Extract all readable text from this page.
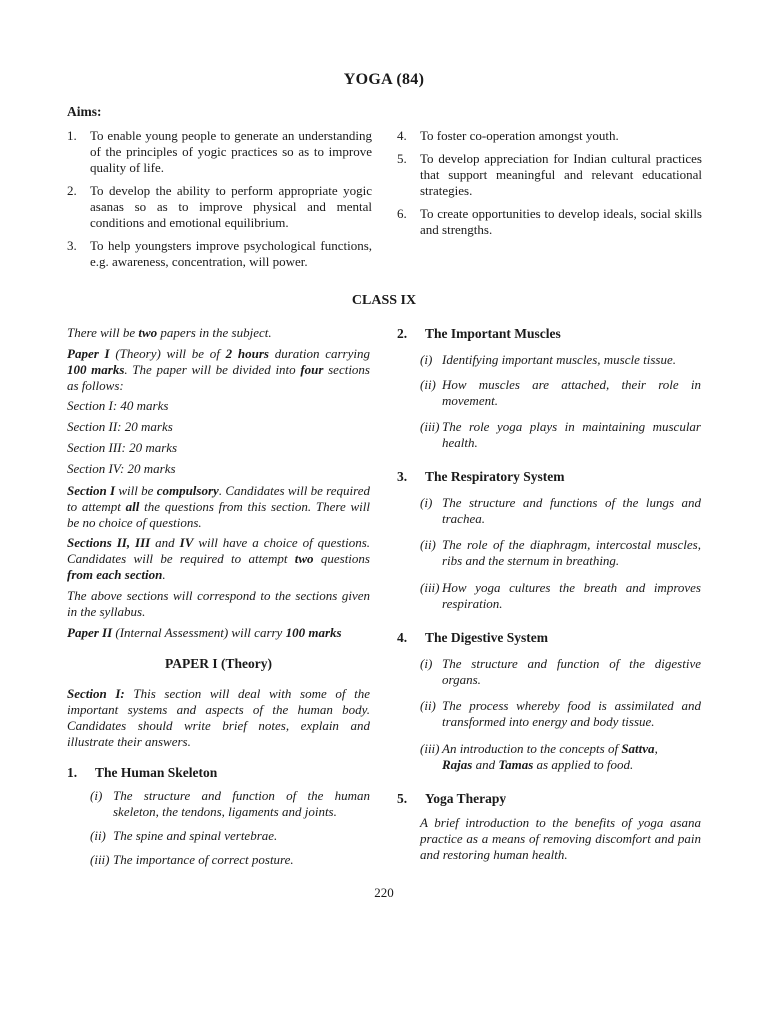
YOGA (84)
Aims:
1.	To enable young people to generate an understanding of the principles of yogic practices so as to improve quality of life.
2.	To develop the ability to perform appropriate yogic asanas so as to improve physical and mental conditions and emotional equilibrium.
3.	To help youngsters improve psychological functions, e.g. awareness, concentration, will power.
4.	To foster co-operation amongst youth.
5.	To develop appreciation for Indian cultural practices that support meaningful and relevant educational strategies.
6.	To create opportunities to develop ideals, social skills and strengths.
CLASS IX
There will be two papers in the subject.
Paper I (Theory) will be of 2 hours duration carrying 100 marks. The paper will be divided into four sections as follows:
Section I: 40 marks
Section II: 20 marks
Section III: 20 marks
Section IV: 20 marks
Section I will be compulsory. Candidates will be required to attempt all the questions from this section. There will be no choice of questions.
Sections II, III and IV will have a choice of questions. Candidates will be required to attempt two questions from each section.
The above sections will correspond to the sections given in the syllabus.
Paper II (Internal Assessment) will carry 100 marks
PAPER I (Theory)
Section I: This section will deal with some of the important systems and aspects of the human body. Candidates should write brief notes, explain and illustrate their answers.
1. The Human Skeleton
(i) The structure and function of the human skeleton, the tendons, ligaments and joints.
(ii) The spine and spinal vertebrae.
(iii) The importance of correct posture.
2. The Important Muscles
(i) Identifying important muscles, muscle tissue.
(ii) How muscles are attached, their role in movement.
(iii) The role yoga plays in maintaining muscular health.
3. The Respiratory System
(i) The structure and functions of the lungs and trachea.
(ii) The role of the diaphragm, intercostal muscles, ribs and the sternum in breathing.
(iii) How yoga cultures the breath and improves respiration.
4. The Digestive System
(i) The structure and function of the digestive organs.
(ii) The process whereby food is assimilated and transformed into energy and body tissue.
(iii) An introduction to the concepts of Sattva,
Rajas and Tamas as applied to food.
5. Yoga Therapy
A brief introduction to the benefits of yoga asana practice as a means of removing discomfort and pain and restoring human health.
220
